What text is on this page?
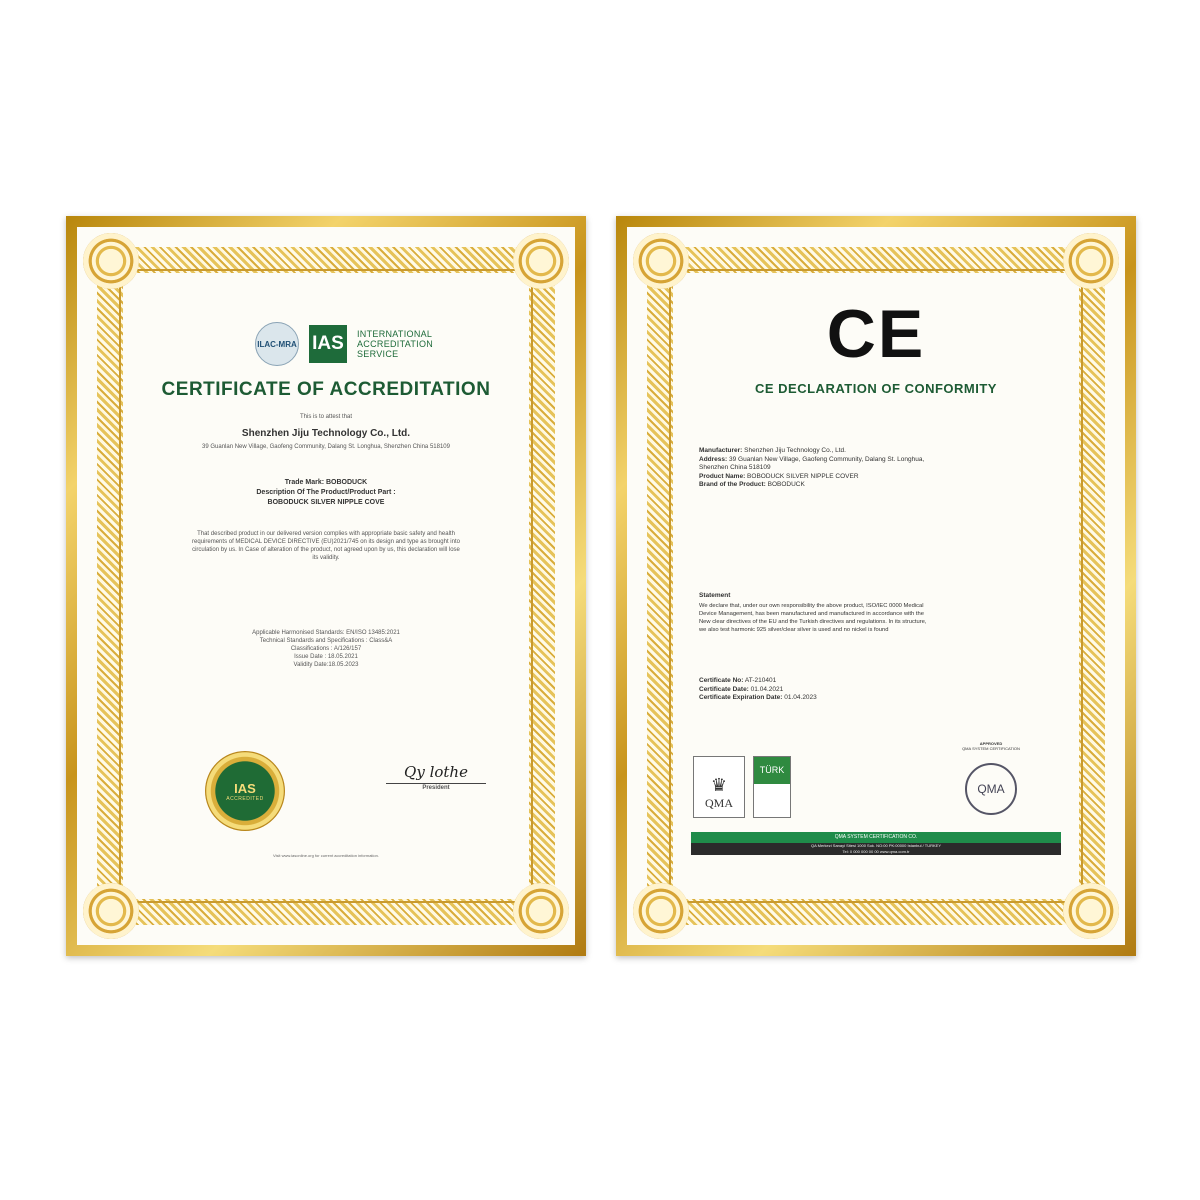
ILAC-MRA IAS	INTERNATIONAL
ACCREDITATION
SERVICE
CERTIFICATE OF ACCREDITATION
This is to attest that
Shenzhen Jiju Technology Co., Ltd.
39 Guanlan New Village, Gaofeng Community, Dalang St. Longhua, Shenzhen China 518109
Trade Mark: BOBODUCK
Description Of The Product/Product Part :
BOBODUCK SILVER NIPPLE COVE
That described product in our delivered version complies with appropriate basic safety and health
requirements of MEDICAL DEVICE DIRECTIVE (EU)2021/745 on its design and type as brought into
circulation by us. In Case of alteration of the product, not agreed upon by us, this declaration will lose
its validity.
Applicable Harmonised Standards: EN/ISO 13485:2021
Technical Standards and Specifications : Class&A
Classifications : A/126/157
Issue Date : 18.05.2021
Validity Date:18.05.2023
IAS
ACCREDITED
Qy lothe
President
Visit www.iasonline.org for current accreditation information.
CE
CE DECLARATION OF CONFORMITY
Manufacturer: Shenzhen Jiju Technology Co., Ltd.
Address: 39 Guanlan New Village, Gaofeng Community, Dalang St. Longhua, Shenzhen China 518109
Product Name: BOBODUCK SILVER NIPPLE COVER
Brand of the Product: BOBODUCK
Statement
We declare that, under our own responsibility the above product, ISO/IEC 0000 Medical
Device Management, has been manufactured and manufactured in accordance with the
New clear directives of the EU and the Turkish directives and regulations. In its structure,
we also test harmonic 925 silver/clear silver is used and no nickel is found
Certificate No: AT-210401
Certificate Date: 01.04.2021
Certificate Expiration Date: 01.04.2023
APPROVED
QMA SYSTEM CERTIFICATION
♛
QMA
TÜRK
QMA
QMA SYSTEM CERTIFICATION CO.
QA Merkezi Sanayi Sitesi 1000 Sok. NO:00 PK:00000 Istanbul / TURKEY
Tel: 0 000 000 00 00 www.qma.com.tr
